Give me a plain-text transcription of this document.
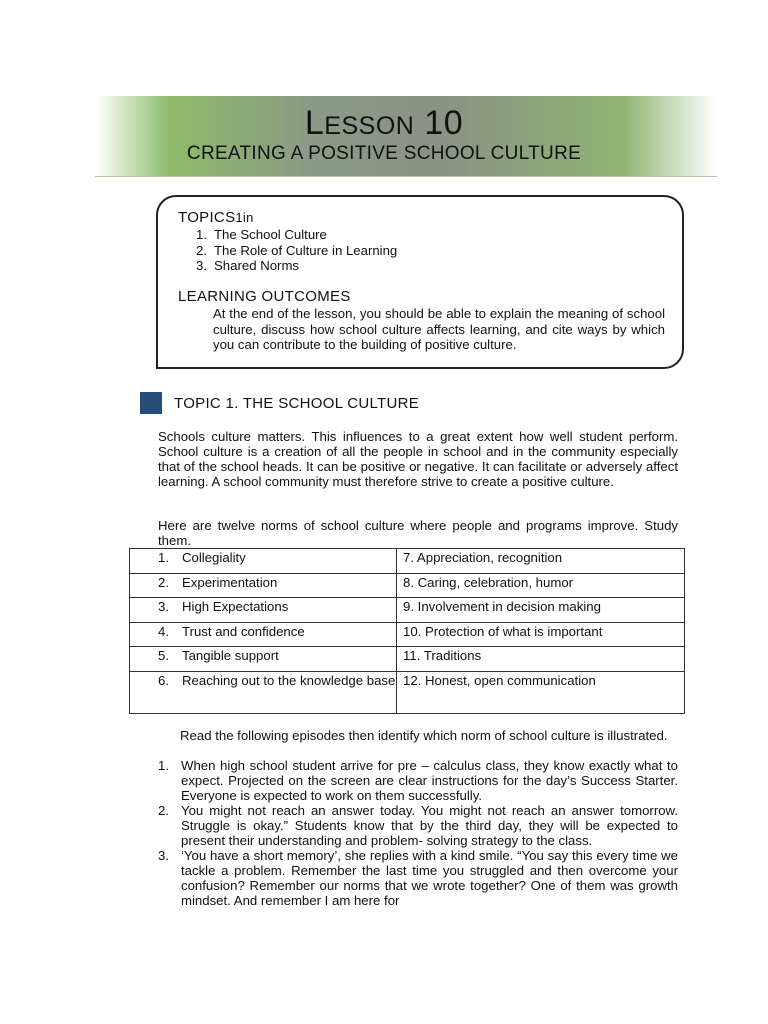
LESSON 10
CREATING A POSITIVE SCHOOL CULTURE
TOPICS1in
1. The School Culture
2. The Role of Culture in Learning
3. Shared Norms
LEARNING OUTCOMES
At the end of the lesson, you should be able to explain the meaning of school culture, discuss how school culture affects learning, and cite ways by which you can contribute to the building of positive culture.
TOPIC 1. THE SCHOOL CULTURE
Schools culture matters. This influences to a great extent how well student perform. School culture is a creation of all the people in school and in the community especially that of the school heads. It can be positive or negative. It can facilitate or adversely affect learning. A school community must therefore strive to create a positive culture.
Here are twelve norms of school culture where people and programs improve. Study them.
1. Collegiality	7. Appreciation, recognition

2. Experimentation	8. Caring, celebration, humor

3. High Expectations	9. Involvement in decision making

4. Trust and confidence	10. Protection of what is important

5. Tangible support	11. Traditions

6. Reaching out to the knowledge base	12. Honest, open communication
Read the following episodes then identify which norm of school culture is illustrated.
1. When high school student arrive for pre – calculus class, they know exactly what to expect. Projected on the screen are clear instructions for the day’s Success Starter. Everyone is expected to work on them successfully.
2. You might not reach an answer today. You might not reach an answer tomorrow. Struggle is okay.” Students know that by the third day, they will be expected to present their understanding and problem- solving strategy to the class.
3. ‘You have a short memory’, she replies with a kind smile. “You say this every time we tackle a problem. Remember the last time you struggled and then overcome your confusion? Remember our norms that we wrote together? One of them was growth mindset. And remember I am here for
